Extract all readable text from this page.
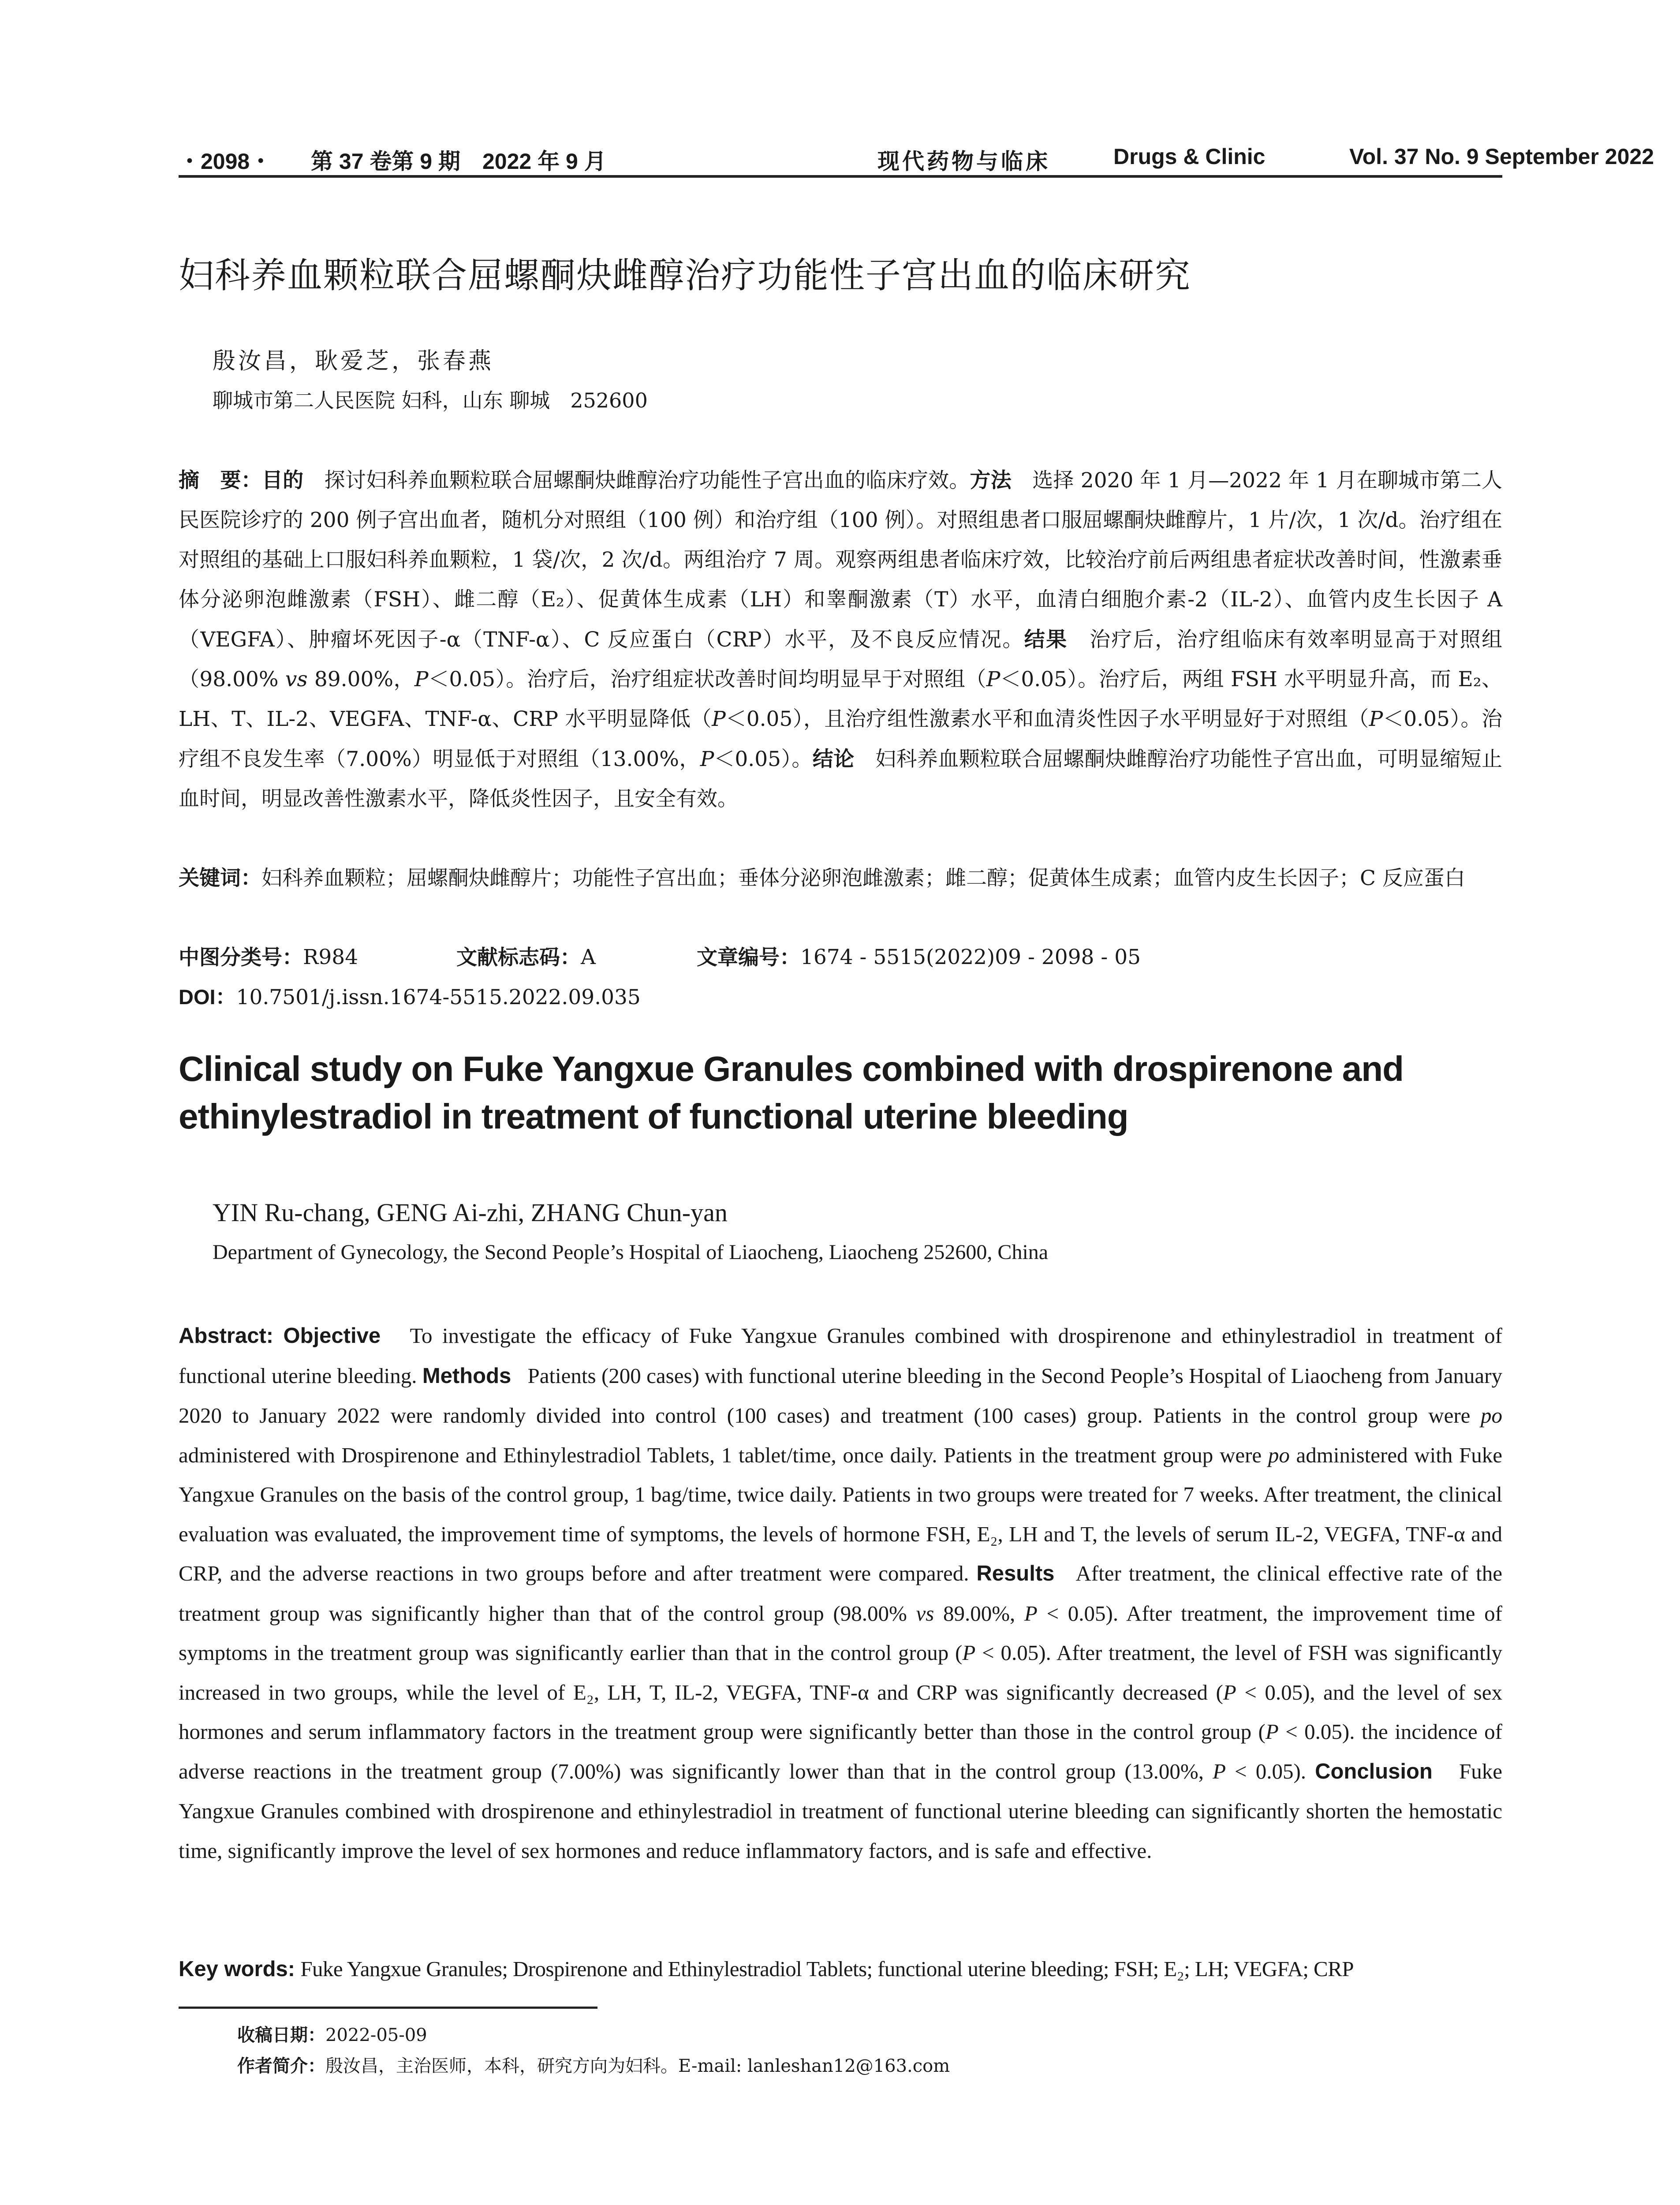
・2098・ 第 37 卷第 9 期　2022 年 9 月	现代药物与临床	Drugs & Clinic	Vol. 37 No. 9 September 2022
妇科养血颗粒联合屈螺酮炔雌醇治疗功能性子宫出血的临床研究
殷汝昌，耿爱芝，张春燕
聊城市第二人民医院 妇科，山东 聊城　252600
摘　要：目的　 探讨妇科养血颗粒联合屈螺酮炔雌醇治疗功能性子宫出血的临床疗效。方法　 选择 2020 年 1 月—2022 年 1 月在聊城市第二人民医院诊疗的 200 例子宫出血者，随机分对照组（100 例）和治疗组（100 例）。对照组患者口服屈螺酮炔雌醇片，1 片/次，1 次/d。治疗组在对照组的基础上口服妇科养血颗粒，1 袋/次，2 次/d。两组治疗 7 周。观察两组患者临床疗效，比较治疗前后两组患者症状改善时间，性激素垂体分泌卵泡雌激素（FSH）、雌二醇（E₂）、促黄体生成素（LH）和睾酮激素（T）水平，血清白细胞介素-2（IL-2）、血管内皮生长因子 A（VEGFA）、肿瘤坏死因子-α（TNF-α）、C 反应蛋白（CRP）水平，及不良反应情况。结果　 治疗后，治疗组临床有效率明显高于对照组（98.00% vs 89.00%，P＜0.05）。治疗后，治疗组症状改善时间均明显早于对照组（P＜0.05）。治疗后，两组 FSH 水平明显升高，而 E₂、LH、T、IL-2、VEGFA、TNF-α、CRP 水平明显降低（P＜0.05），且治疗组性激素水平和血清炎性因子水平明显好于对照组（P＜0.05）。治疗组不良发生率（7.00%）明显低于对照组（13.00%，P＜0.05）。结论　 妇科养血颗粒联合屈螺酮炔雌醇治疗功能性子宫出血，可明显缩短止血时间，明显改善性激素水平，降低炎性因子，且安全有效。
关键词：妇科养血颗粒；屈螺酮炔雌醇片；功能性子宫出血；垂体分泌卵泡雌激素；雌二醇；促黄体生成素；血管内皮生长因子；C 反应蛋白
中图分类号： R984	文献标志码： A	文章编号： 1674 - 5515(2022)09 - 2098 - 05
DOI：10.7501/j.issn.1674-5515.2022.09.035
Clinical study on Fuke Yangxue Granules combined with drospirenone and ethinylestradiol in treatment of functional uterine bleeding
YIN Ru-chang, GENG Ai-zhi, ZHANG Chun-yan
Department of Gynecology, the Second People’s Hospital of Liaocheng, Liaocheng 252600, China
Abstract: Objective To investigate the efficacy of Fuke Yangxue Granules combined with drospirenone and ethinylestradiol in treatment of functional uterine bleeding. Methods Patients (200 cases) with functional uterine bleeding in the Second People’s Hospital of Liaocheng from January 2020 to January 2022 were randomly divided into control (100 cases) and treatment (100 cases) group. Patients in the control group were po administered with Drospirenone and Ethinylestradiol Tablets, 1 tablet/time, once daily. Patients in the treatment group were po administered with Fuke Yangxue Granules on the basis of the control group, 1 bag/time, twice daily. Patients in two groups were treated for 7 weeks. After treatment, the clinical evaluation was evaluated, the improvement time of symptoms, the levels of hormone FSH, E₂, LH and T, the levels of serum IL-2, VEGFA, TNF-α and CRP, and the adverse reactions in two groups before and after treatment were compared. Results After treatment, the clinical effective rate of the treatment group was significantly higher than that of the control group (98.00% vs 89.00%, P < 0.05). After treatment, the improvement time of symptoms in the treatment group was significantly earlier than that in the control group (P < 0.05). After treatment, the level of FSH was significantly increased in two groups, while the level of E₂, LH, T, IL-2, VEGFA, TNF-α and CRP was significantly decreased (P < 0.05), and the level of sex hormones and serum inflammatory factors in the treatment group were significantly better than those in the control group (P < 0.05). the incidence of adverse reactions in the treatment group (7.00%) was significantly lower than that in the control group (13.00%, P < 0.05). Conclusion Fuke Yangxue Granules combined with drospirenone and ethinylestradiol in treatment of functional uterine bleeding can significantly shorten the hemostatic time, significantly improve the level of sex hormones and reduce inflammatory factors, and is safe and effective.
Key words: Fuke Yangxue Granules; Drospirenone and Ethinylestradiol Tablets; functional uterine bleeding; FSH; E₂; LH; VEGFA; CRP
收稿日期：2022-05-09
作者简介：殷汝昌，主治医师，本科，研究方向为妇科。E-mail: lanleshan12@163.com
